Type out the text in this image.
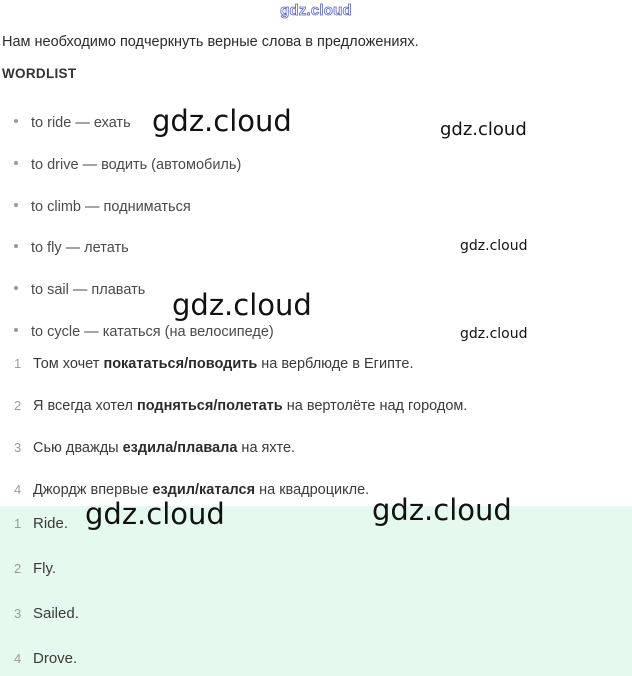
gdz.cloud
Нам необходимо подчеркнуть верные слова в предложениях.
WORDLIST
to ride — ехать
to drive — водить (автомобиль)
to climb — подниматься
to fly — летать
to sail — плавать
to cycle — кататься (на велосипеде)
1 Том хочет покататься/поводить на верблюде в Египте.
2 Я всегда хотел подняться/полетать на вертолёте над городом.
3 Сью дважды ездила/плавала на яхте.
4 Джордж впервые ездил/катался на квадроцикле.
1 Ride.
2 Fly.
3 Sailed.
4 Drove.
gdz.cloud	gdz.cloud
gdz.cloud
gdz.cloud
gdz.cloud
gdz.cloud	gdz.cloud
